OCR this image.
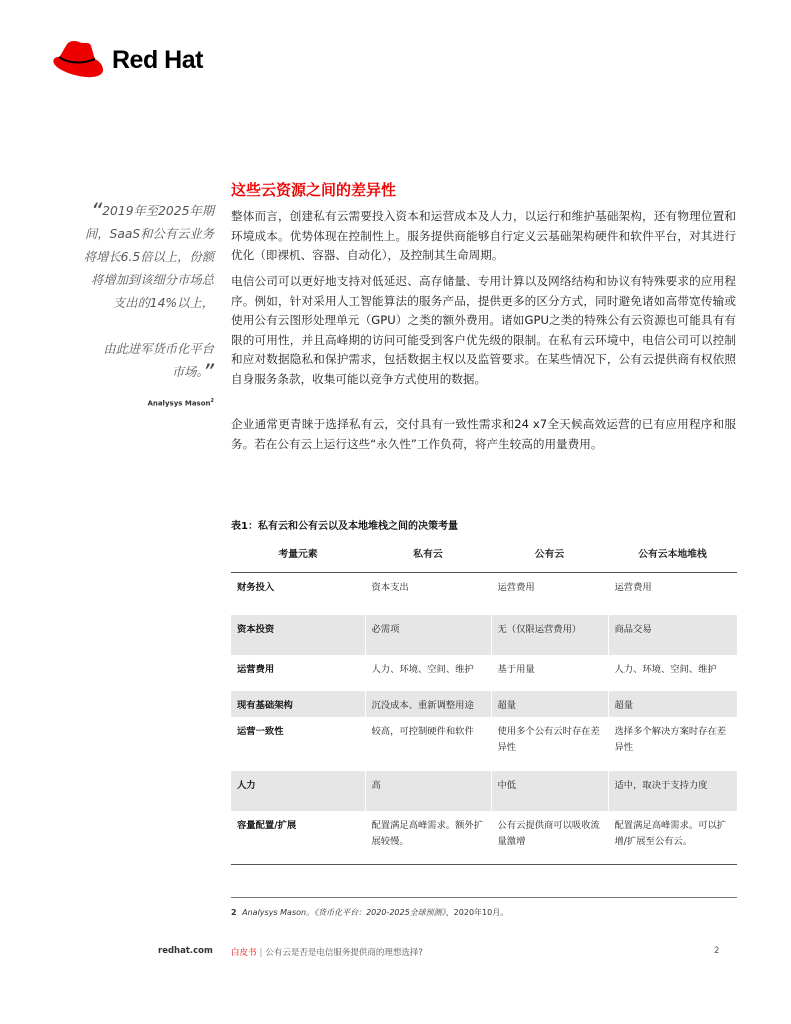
Red Hat
“2019年至2025年期
间，SaaS和公有云业务
将增长6.5倍以上，份额
将增加到该细分市场总
支出的14%以上，

由此进军货币化平台
市场。”
Analysys Mason$^2$
这些云资源之间的差异性

整体而言，创建私有云需要投入资本和运营成本及人力，以运行和维护基础架构，还有物理位置和环境成本。优势体现在控制性上。服务提供商能够自行定义云基础架构硬件和软件平台，对其进行优化（即裸机、容器、自动化），及控制其生命周期。

电信公司可以更好地支持对低延迟、高存储量、专用计算以及网络结构和协议有特殊要求的应用程序。例如，针对采用人工智能算法的服务产品，提供更多的区分方式，同时避免诸如高带宽传输或使用公有云图形处理单元（GPU）之类的额外费用。诸如GPU之类的特殊公有云资源也可能具有有限的可用性，并且高峰期的访问可能受到客户优先级的限制。在私有云环境中，电信公司可以控制和应对数据隐私和保护需求，包括数据主权以及监管要求。在某些情况下，公有云提供商有权依照自身服务条款，收集可能以竞争方式使用的数据。

企业通常更青睐于选择私有云，交付具有一致性需求和24 x7全天候高效运营的已有应用程序和服务。若在公有云上运行这些“永久性”工作负荷，将产生较高的用量费用。

表1：私有云和公有云以及本地堆栈之间的决策考量
考量元素	私有云	公有云	公有云本地堆栈
财务投入	资本支出	运营费用	运营费用
资本投资	必需项	无（仅限运营费用）	商品交易
运营费用	人力、环境、空间、维护	基于用量	人力、环境、空间、维护
现有基础架构	沉没成本、重新调整用途	超量	超量
运营一致性	较高，可控制硬件和软件	使用多个公有云时存在差异性	选择多个解决方案时存在差异性
人力	高	中低	适中，取决于支持力度
容量配置/扩展	配置满足高峰需求。额外扩展较慢。	公有云提供商可以吸收流量激增	配置满足高峰需求。可以扩增/扩展至公有云。
2 Analysys Mason。《货币化平台：2020-2025全球预测》，2020年10月。
redhat.com 白皮书 | 公有云是否是电信服务提供商的理想选择?	2
